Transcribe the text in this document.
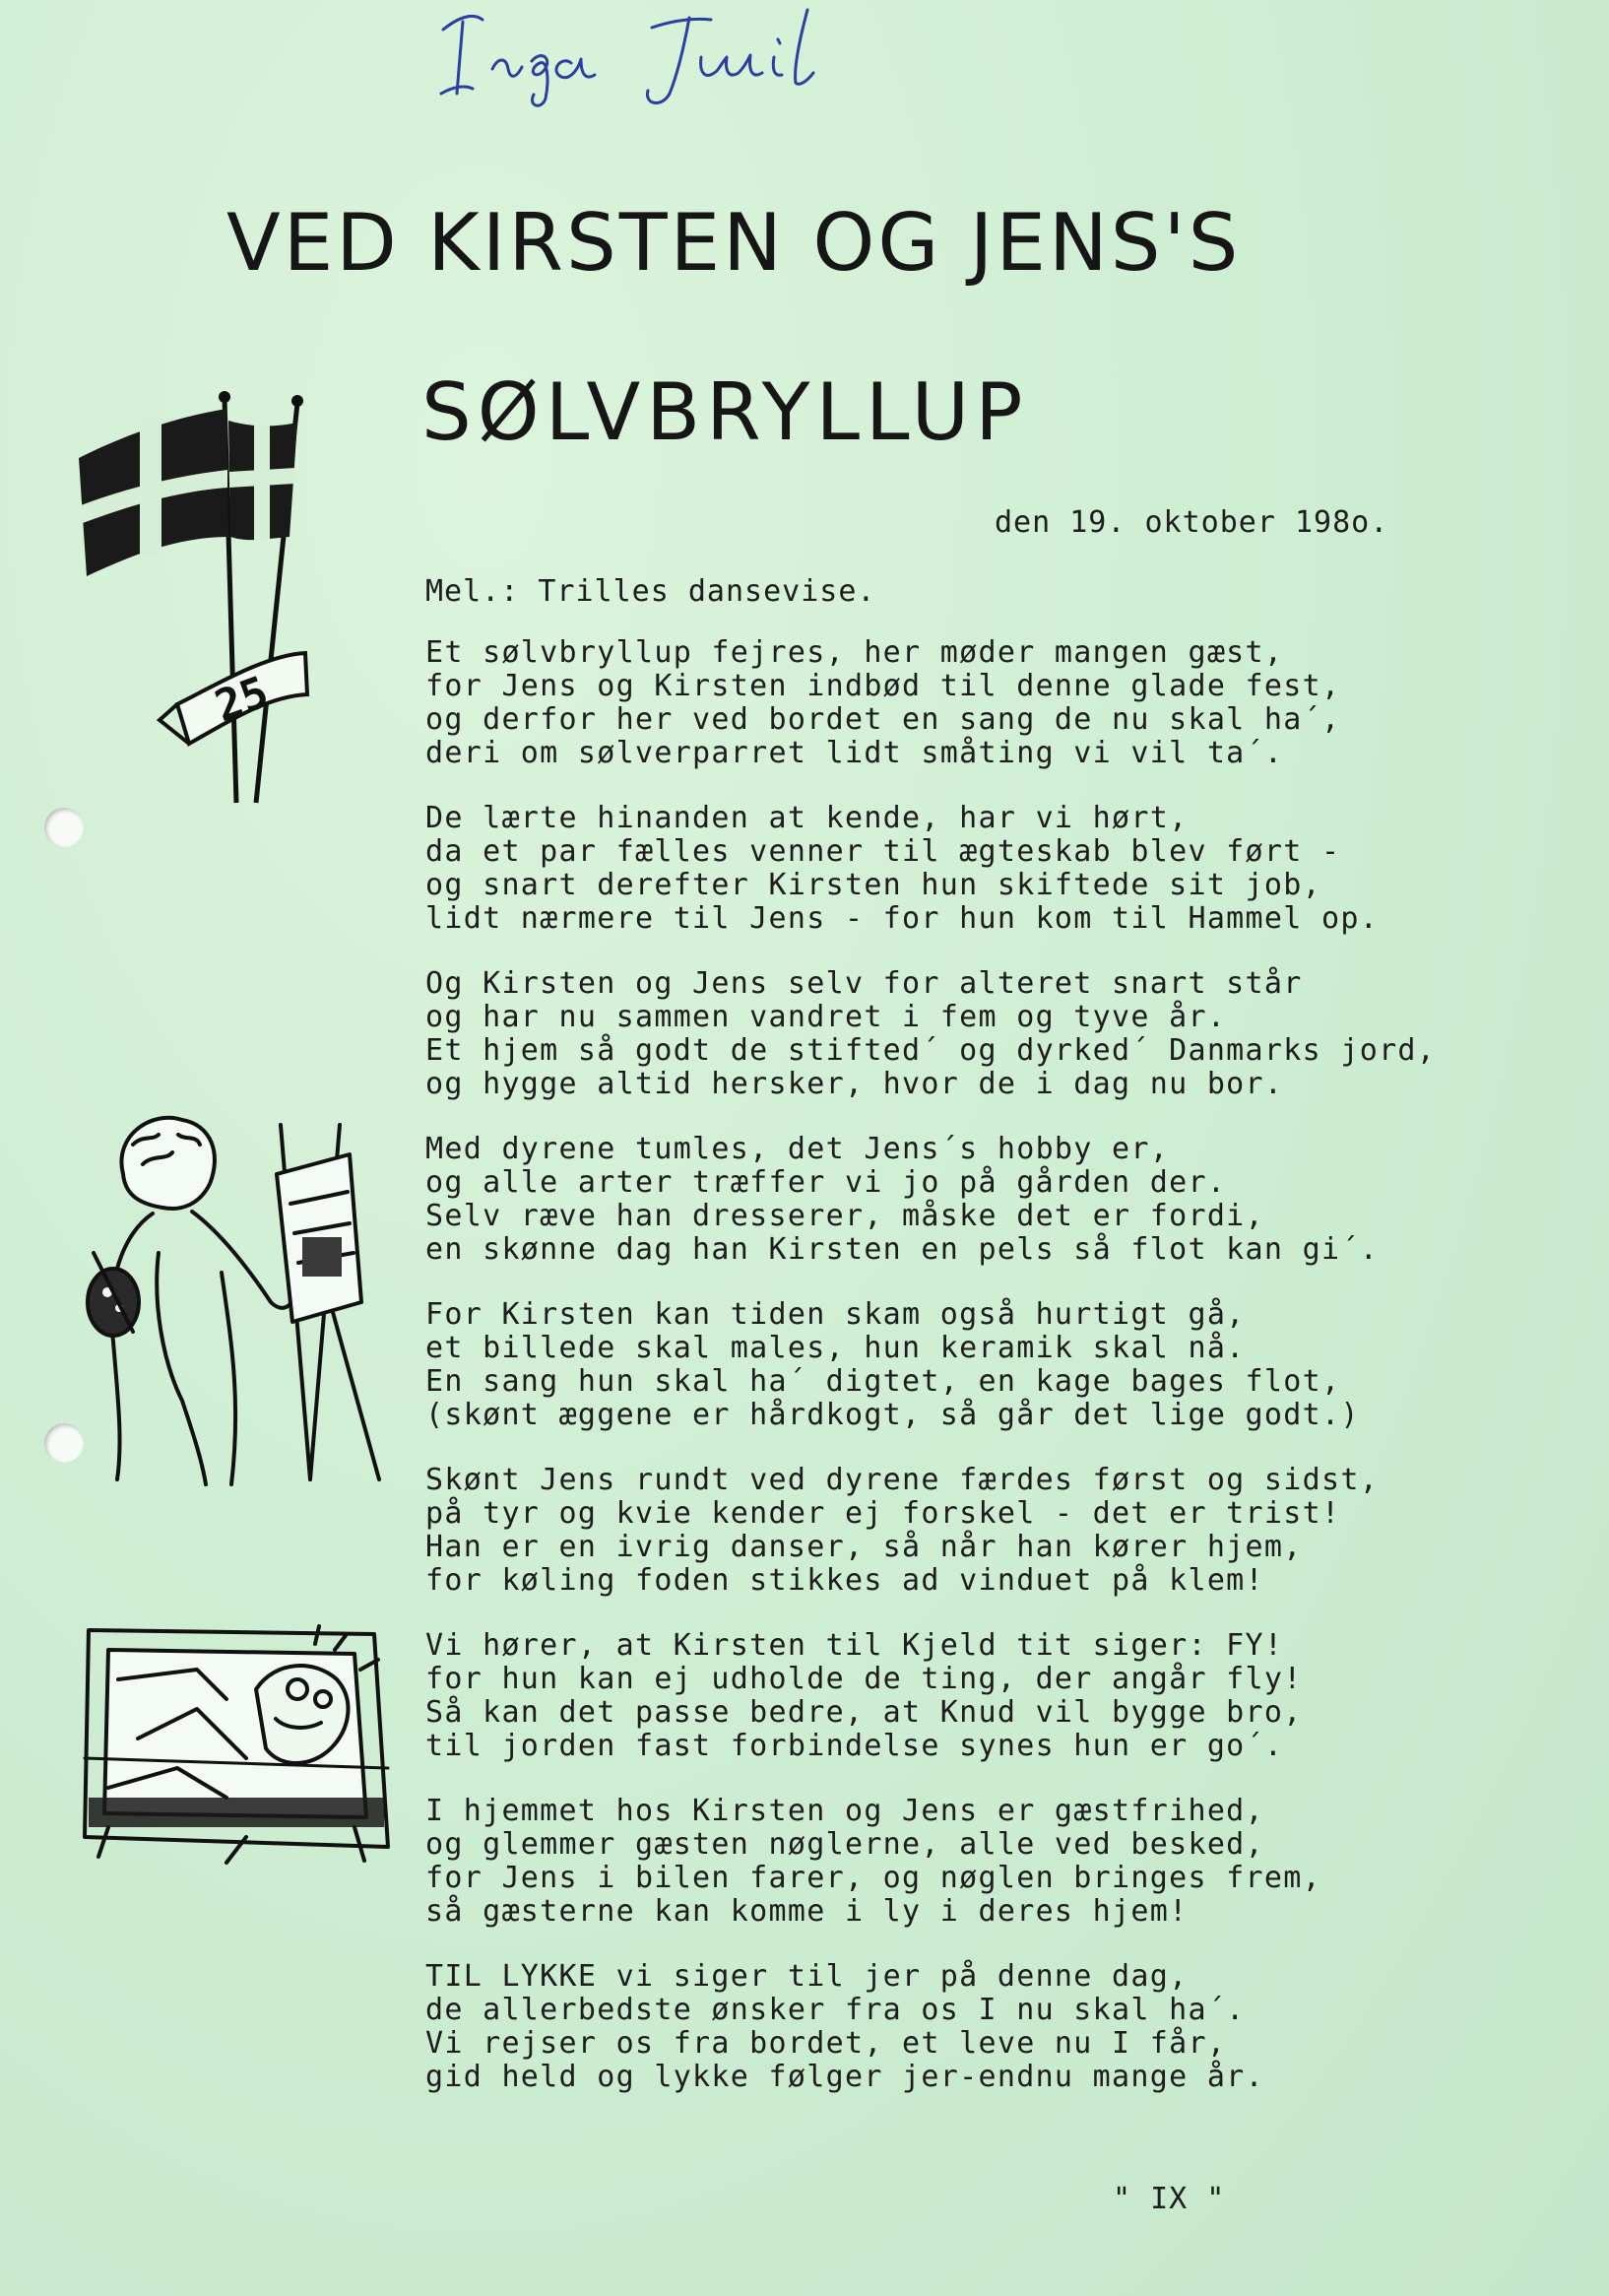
VED KIRSTEN OG JENS'S
SØLVBRYLLUP
25
den 19. oktober 198o.
Mel.: Trilles dansevise.
Et sølvbryllup fejres, her møder mangen gæst,
for Jens og Kirsten indbød til denne glade fest,
og derfor her ved bordet en sang de nu skal ha´,
deri om sølverparret lidt småting vi vil ta´.
De lærte hinanden at kende, har vi hørt,
da et par fælles venner til ægteskab blev ført -
og snart derefter Kirsten hun skiftede sit job,
lidt nærmere til Jens - for hun kom til Hammel op.
Og Kirsten og Jens selv for alteret snart står
og har nu sammen vandret i fem og tyve år.
Et hjem så godt de stifted´ og dyrked´ Danmarks jord,
og hygge altid hersker, hvor de i dag nu bor.
Med dyrene tumles, det Jens´s hobby er,
og alle arter træffer vi jo på gården der.
Selv ræve han dresserer, måske det er fordi,
en skønne dag han Kirsten en pels så flot kan gi´.
For Kirsten kan tiden skam også hurtigt gå,
et billede skal males, hun keramik skal nå.
En sang hun skal ha´ digtet, en kage bages flot,
(skønt æggene er hårdkogt, så går det lige godt.)
Skønt Jens rundt ved dyrene færdes først og sidst,
på tyr og kvie kender ej forskel - det er trist!
Han er en ivrig danser, så når han kører hjem,
for køling foden stikkes ad vinduet på klem!
Vi hører, at Kirsten til Kjeld tit siger: FY!
for hun kan ej udholde de ting, der angår fly!
Så kan det passe bedre, at Knud vil bygge bro,
til jorden fast forbindelse synes hun er go´.
I hjemmet hos Kirsten og Jens er gæstfrihed,
og glemmer gæsten nøglerne, alle ved besked,
for Jens i bilen farer, og nøglen bringes frem,
så gæsterne kan komme i ly i deres hjem!
TIL LYKKE vi siger til jer på denne dag,
de allerbedste ønsker fra os I nu skal ha´.
Vi rejser os fra bordet, et leve nu I får,
gid held og lykke følger jer-endnu mange år.
" IX "
